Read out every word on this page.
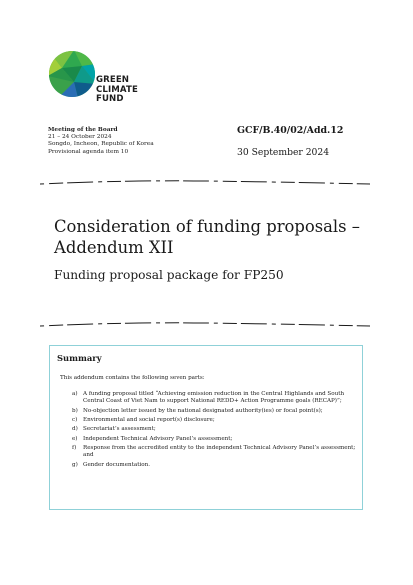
GREEN
CLIMATE
FUND

Meeting of the Board
21 – 24 October 2024
Songdo, Incheon, Republic of Korea
Provisional agenda item 10
GCF/B.40/02/Add.12
30 September 2024
Consideration of funding proposals – Addendum XII
Funding proposal package for FP250
Summary
This addendum contains the following seven parts:
a) A funding proposal titled “Achieving emission reduction in the Central Highlands and South Central Coast of Viet Nam to support National REDD+ Action Programme goals (RECAP)”;
b) No-objection letter issued by the national designated authority(ies) or focal point(s);
c) Environmental and social report(s) disclosure;
d) Secretariat’s assessment;
e) Independent Technical Advisory Panel’s assessment;
f) Response from the accredited entity to the independent Technical Advisory Panel’s assessment; and
g) Gender documentation.
